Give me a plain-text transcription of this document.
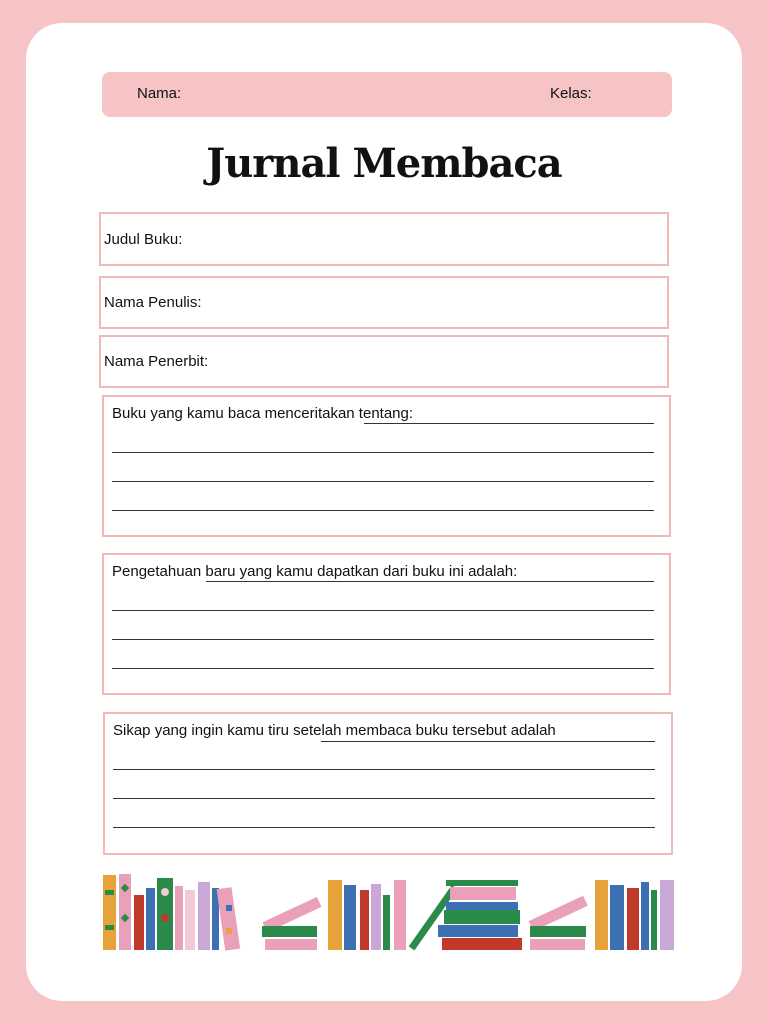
Nama:	Kelas:
Jurnal Membaca
Judul Buku:
Nama Penulis:
Nama Penerbit:
Buku yang kamu baca menceritakan tentang:
Pengetahuan baru yang kamu dapatkan dari buku ini adalah:
Sikap yang ingin kamu tiru setelah membaca buku tersebut adalah
